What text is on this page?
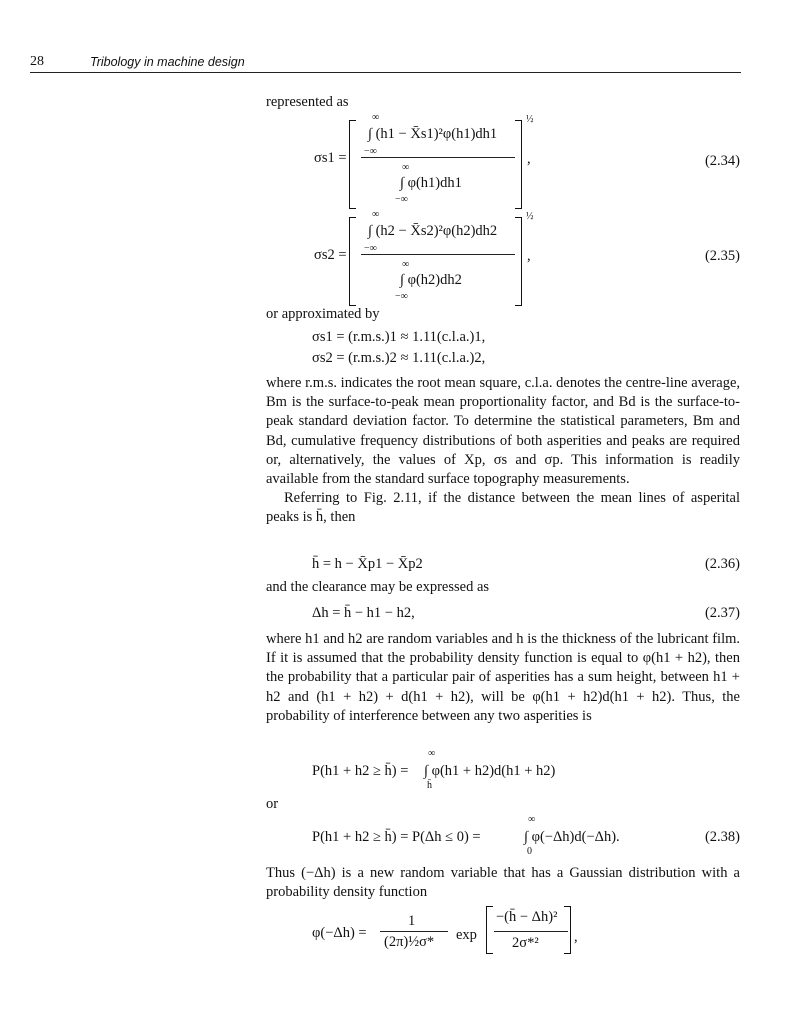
28	Tribology in machine design
represented as
σs1 =
∞
∫ (h1 − X̄s1)²φ(h1)dh1
−∞
∞
∫ φ(h1)dh1
−∞
½
,	(2.34)
σs2 =
∞
∫ (h2 − X̄s2)²φ(h2)dh2
−∞
∞
∫ φ(h2)dh2
−∞
½
,	(2.35)
or approximated by
σs1 = (r.m.s.)1 ≈ 1.11(c.l.a.)1,
σs2 = (r.m.s.)2 ≈ 1.11(c.l.a.)2,

where r.m.s. indicates the root mean square, c.l.a. denotes the centre-line average, Bm is the surface-to-peak mean proportionality factor, and Bd is the surface-to-peak standard deviation factor. To determine the statistical parameters, Bm and Bd, cumulative frequency distributions of both asperities and peaks are required or, alternatively, the values of Xp, σs and σp. This information is readily available from the standard surface topography measurements.

Referring to Fig. 2.11, if the distance between the mean lines of asperital peaks is h̄, then

h̄ = h − X̄p1 − X̄p2	(2.36)
and the clearance may be expressed as
Δh = h̄ − h1 − h2,	(2.37)

where h1 and h2 are random variables and h is the thickness of the lubricant film. If it is assumed that the probability density function is equal to φ(h1 + h2), then the probability that a particular pair of asperities has a sum height, between h1 + h2 and (h1 + h2) + d(h1 + h2), will be φ(h1 + h2)d(h1 + h2). Thus, the probability of interference between any two asperities is

P(h1 + h2 ≥ h̄) =
∞
∫ φ(h1 + h2)d(h1 + h2)
h̄
or
P(h1 + h2 ≥ h̄) = P(Δh ≤ 0) =
∞
∫ φ(−Δh)d(−Δh).
0
(2.38)

Thus (−Δh) is a new random variable that has a Gaussian distribution with a probability density function

φ(−Δh) =
1
(2π)½σ* exp
−(h̄ − Δh)²
2σ*² ,
